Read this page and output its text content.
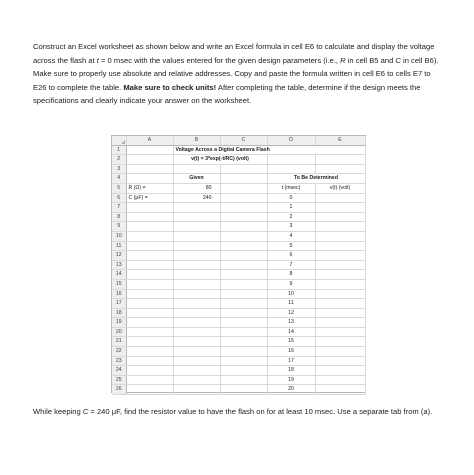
Construct an Excel worksheet as shown below and write an Excel formula in cell E6 to calculate and display the voltage across the flash at t = 0 msec with the values entered for the given design parameters (i.e., R in cell B5 and C in cell B6). Make sure to properly use absolute and relative addresses. Copy and paste the formula written in cell E6 to cells E7 to E26 to complete the table. Make sure to check units! After completing the table, determine if the design meets the specifications and clearly indicate your answer on the worksheet.
	A	B	C	D	E
1		Voltage Across a Digital Camera Flash			
2		v(t) = 3*exp(-t/RC) (volt)			
3					
4		Given		To Be Determined	
5	R (Ω) =	80		t (msec)	v(t) (volt)
6	C (μF) =	240		0	
7				1	
8				2	
9				3	
10				4	
11				5	
12				6	
13				7	
14				8	
15				9	
16				10	
17				11	
18				12	
19				13	
20				14	
21				15	
22				16	
23				17	
24				18	
25				19	
26				20	
While keeping C = 240 μF, find the resistor value to have the flash on for at least 10 msec. Use a separate tab from (a).
